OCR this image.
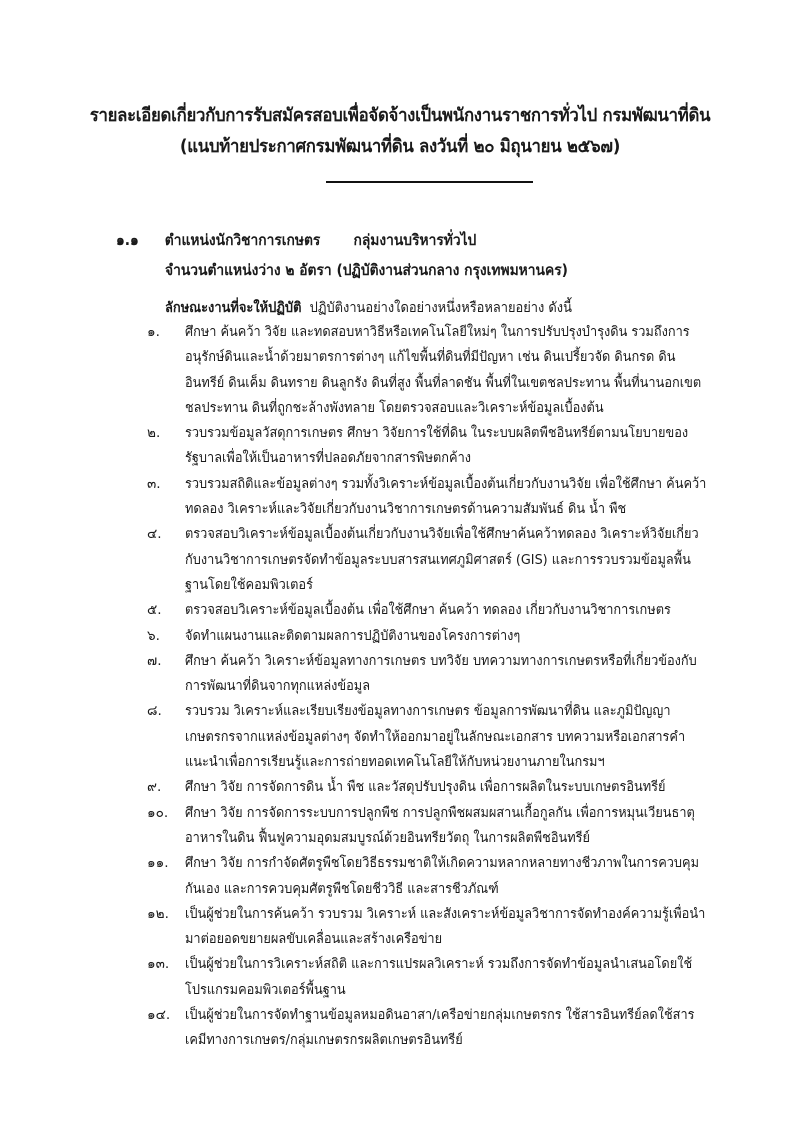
รายละเอียดเกี่ยวกับการรับสมัครสอบเพื่อจัดจ้างเป็นพนักงานราชการทั่วไป กรมพัฒนาที่ดิน
(แนบท้ายประกาศกรมพัฒนาที่ดิน ลงวันที่ ๒๐ มิถุนายน ๒๕๖๗)
๑.๑ ตำแหน่งนักวิชาการเกษตร กลุ่มงานบริหารทั่วไป
จำนวนตำแหน่งว่าง ๒ อัตรา (ปฏิบัติงานส่วนกลาง กรุงเทพมหานคร)
ลักษณะงานที่จะให้ปฏิบัติ ปฏิบัติงานอย่างใดอย่างหนึ่งหรือหลายอย่าง ดังนี้
๑.	ศึกษา ค้นคว้า วิจัย และทดสอบหาวิธีหรือเทคโนโลยีใหม่ๆ ในการปรับปรุงบำรุงดิน รวมถึงการอนุรักษ์ดินและน้ำด้วยมาตรการต่างๆ แก้ไขพื้นที่ดินที่มีปัญหา เช่น ดินเปรี้ยวจัด ดินกรด ดินอินทรีย์ ดินเค็ม ดินทราย ดินลูกรัง ดินที่สูง พื้นที่ลาดชัน พื้นที่ในเขตชลประทาน พื้นที่นานอกเขตชลประทาน ดินที่ถูกชะล้างพังทลาย โดยตรวจสอบและวิเคราะห์ข้อมูลเบื้องต้น
๒.	รวบรวมข้อมูลวัสดุการเกษตร ศึกษา วิจัยการใช้ที่ดิน ในระบบผลิตพืชอินทรีย์ตามนโยบายของรัฐบาลเพื่อให้เป็นอาหารที่ปลอดภัยจากสารพิษตกค้าง
๓.	รวบรวมสถิติและข้อมูลต่างๆ รวมทั้งวิเคราะห์ข้อมูลเบื้องต้นเกี่ยวกับงานวิจัย เพื่อใช้ศึกษา ค้นคว้าทดลอง วิเคราะห์และวิจัยเกี่ยวกับงานวิชาการเกษตรด้านความสัมพันธ์ ดิน น้ำ พืช
๔.	ตรวจสอบวิเคราะห์ข้อมูลเบื้องต้นเกี่ยวกับงานวิจัยเพื่อใช้ศึกษาค้นคว้าทดลอง วิเคราะห์วิจัยเกี่ยวกับงานวิชาการเกษตรจัดทำข้อมูลระบบสารสนเทศภูมิศาสตร์ (GIS) และการรวบรวมข้อมูลพื้นฐานโดยใช้คอมพิวเตอร์
๕.	ตรวจสอบวิเคราะห์ข้อมูลเบื้องต้น เพื่อใช้ศึกษา ค้นคว้า ทดลอง เกี่ยวกับงานวิชาการเกษตร
๖.	จัดทำแผนงานและติดตามผลการปฏิบัติงานของโครงการต่างๆ
๗.	ศึกษา ค้นคว้า วิเคราะห์ข้อมูลทางการเกษตร บทวิจัย บทความทางการเกษตรหรือที่เกี่ยวข้องกับการพัฒนาที่ดินจากทุกแหล่งข้อมูล
๘.	รวบรวม วิเคราะห์และเรียบเรียงข้อมูลทางการเกษตร ข้อมูลการพัฒนาที่ดิน และภูมิปัญญาเกษตรกรจากแหล่งข้อมูลต่างๆ จัดทำให้ออกมาอยู่ในลักษณะเอกสาร บทความหรือเอกสารคำแนะนำเพื่อการเรียนรู้และการถ่ายทอดเทคโนโลยีให้กับหน่วยงานภายในกรมฯ
๙.	ศึกษา วิจัย การจัดการดิน น้ำ พืช และวัสดุปรับปรุงดิน เพื่อการผลิตในระบบเกษตรอินทรีย์
๑๐.	ศึกษา วิจัย การจัดการระบบการปลูกพืช การปลูกพืชผสมผสานเกื้อกูลกัน เพื่อการหมุนเวียนธาตุอาหารในดิน ฟื้นฟูความอุดมสมบูรณ์ด้วยอินทรียวัตถุ ในการผลิตพืชอินทรีย์
๑๑.	ศึกษา วิจัย การกำจัดศัตรูพืชโดยวิธีธรรมชาติให้เกิดความหลากหลายทางชีวภาพในการควบคุมกันเอง และการควบคุมศัตรูพืชโดยชีววิธี และสารชีวภัณฑ์
๑๒.	เป็นผู้ช่วยในการค้นคว้า รวบรวม วิเคราะห์ และสังเคราะห์ข้อมูลวิชาการจัดทำองค์ความรู้เพื่อนำมาต่อยอดขยายผลขับเคลื่อนและสร้างเครือข่าย
๑๓.	เป็นผู้ช่วยในการวิเคราะห์สถิติ และการแปรผลวิเคราะห์ รวมถึงการจัดทำข้อมูลนำเสนอโดยใช้โปรแกรมคอมพิวเตอร์พื้นฐาน
๑๔.	เป็นผู้ช่วยในการจัดทำฐานข้อมูลหมอดินอาสา/เครือข่ายกลุ่มเกษตรกร ใช้สารอินทรีย์ลดใช้สารเคมีทางการเกษตร/กลุ่มเกษตรกรผลิตเกษตรอินทรีย์
